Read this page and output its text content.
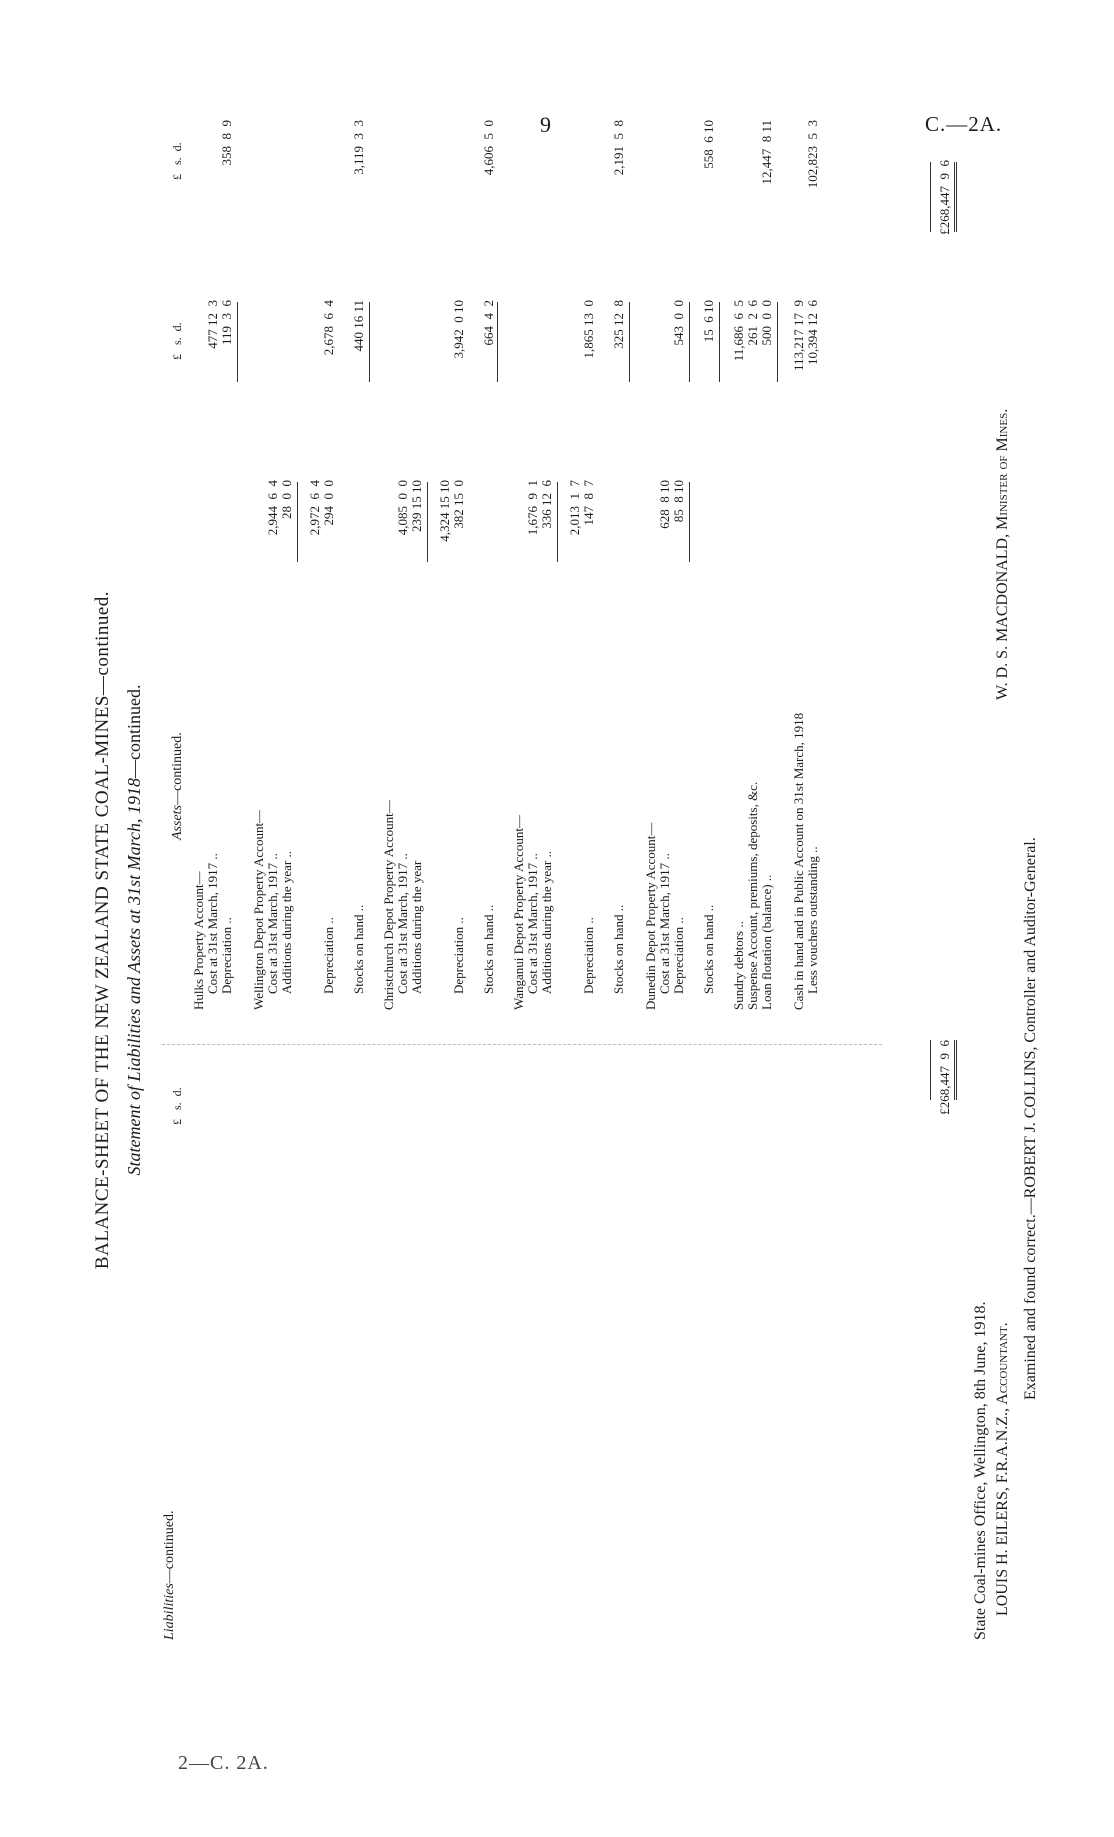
9	C.—2A.
2—C. 2A.
BALANCE-SHEET OF THE NEW ZEALAND STATE COAL-MINES—continued. Statement of Liabilities and Assets at 31st March, 1918—continued.
Liabilities—continued.
£   s.  d.
Assets—continued.
£   s.  d.
£   s.  d.
Hulks Property Account— Cost at 31st March, 1917 ..
477 12  3
Depreciation ..
119  3  6
358  8  9
Wellington Depot Property Account— Cost at 31st March, 1917 ..
2,944  6  4
Additions during the year ..
28  0  0 2,972  6  4
Depreciation ..
294  0  0
2,678  6  4
Stocks on hand ..
440 16 11
3,119  3  3
Christchurch Depot Property Account— Cost at 31st March, 1917 ..
4,085  0  0
Additions during the year
239 15 10 4,324 15 10
Depreciation ..
382 15  0
3,942  0 10
Stocks on hand ..
664  4  2
4,606  5  0
Wanganui Depot Property Account— Cost at 31st March, 1917 ..
1,676  9  1
Additions during the year ..
336 12  6 2,013  1  7
Depreciation ..
147  8  7
1,865 13  0
Stocks on hand ..
325 12  8
2,191  5  8
Dunedin Depot Property Account— Cost at 31st March, 1917 ..
628  8 10
Depreciation ..
85  8 10
543  0  0
Stocks on hand ..
15  6 10
558  6 10
Sundry debtors ..
11,686  6  5
Suspense Account, premiums, deposits, &c.
261  2  6
Loan flotation (balance) ..
500  0  0
12,447  8 11
Cash in hand and in Public Account on 31st March, 1918
113,217 17  9
Less vouchers outstanding ..
10,394 12  6
102,823  5  3
£268,447  9  6
£268,447  9  6
State Coal-mines Office, Wellington, 8th June, 1918. LOUIS H. EILERS, F.R.A.N.Z., Accountant.
W. D. S. MACDONALD, Minister of Mines.
Examined and found correct.—ROBERT J. COLLINS, Controller and Auditor-General.
